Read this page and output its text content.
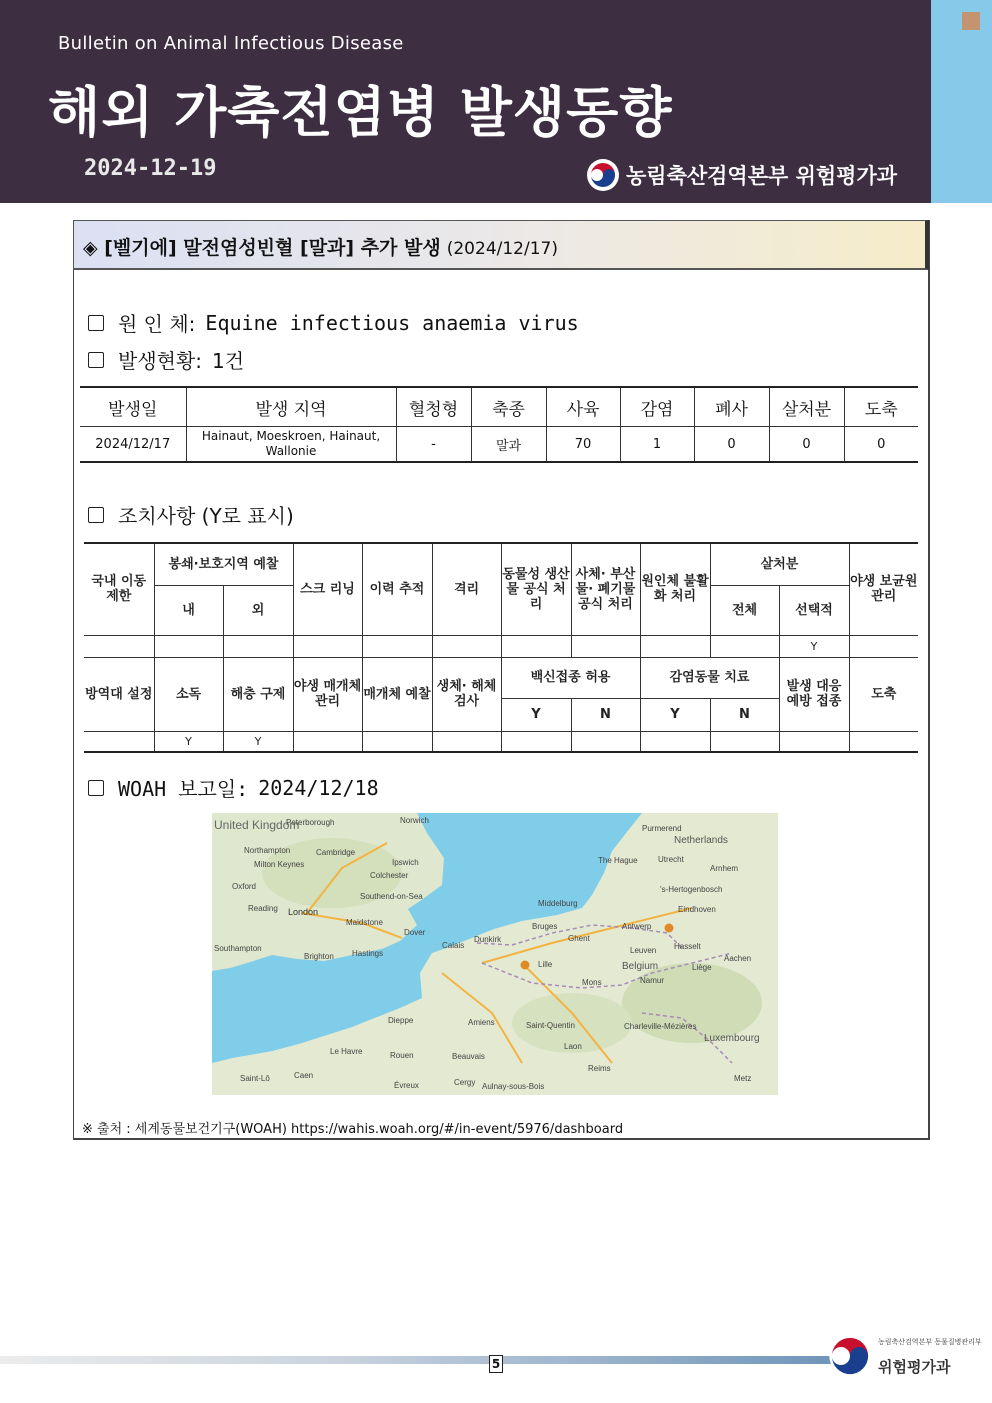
Bulletin on Animal Infectious Disease
해외 가축전염병 발생동향
2024-12-19	농림축산검역본부 위험평가과
◈ [벨기에] 말전염성빈혈 [말과] 추가 발생 (2024/12/17)
원 인 체: Equine infectious anaemia virus
발생현황: 1건
발생일	발생 지역	혈청형	축종	사육	감염	폐사	살처분	도축
2024/12/17	Hainaut, Moeskroen, Hainaut, Wallonie	-	말과	70	1	0	0	0
조치사항 (Y로 표시)
국내 이동 제한	봉쇄·보호지역 예찰		스크 리닝	이력 추적	격리	동물성 생산물 공식 처리	사체· 부산물· 폐기물 공식 처리	원인체 불활화 처리	살처분		야생 보균원 관리
	내	외							전체	선택적	
										Y	
방역대 설정	소독	해충 구제	야생 매개체 관리	매개체 예찰	생체· 해체 검사	백신접종 허용		감염동물 치료		발생 대응 예방 접종	도축
						Y	N	Y	N		
	Y	Y									
WOAH 보고일: 2024/12/18
United Kingdom
Peterborough	Norwich
Northampton	Cambridge
Ipswich
Milton Keynes
Colchester
Oxford
Southend-on-Sea
Reading London
Maidstone
Southampton
Brighton Hastings
Dover
Calais
Dunkirk
Middelburg
The Hague
Purmerend
Netherlands
Utrecht
Arnhem
's-Hertogenbosch
Eindhoven
Bruges
Ghent
Antwerp
Leuven Hasselt
Belgium	Liège
Aachen
Lille
Mons	Namur
Dieppe	Amiens	Saint-Quentin	Charleville-Mézières
Luxembourg
Le Havre	Rouen	Beauvais
Laon
Reims
Caen
Évreux	Cergy Aulnay-sous-Bois
Metz
Saint-Lô
※ 출처 : 세계동물보건기구(WOAH) https://wahis.woah.org/#/in-event/5976/dashboard
5
농림축산검역본부 동물질병관리부
위험평가과
